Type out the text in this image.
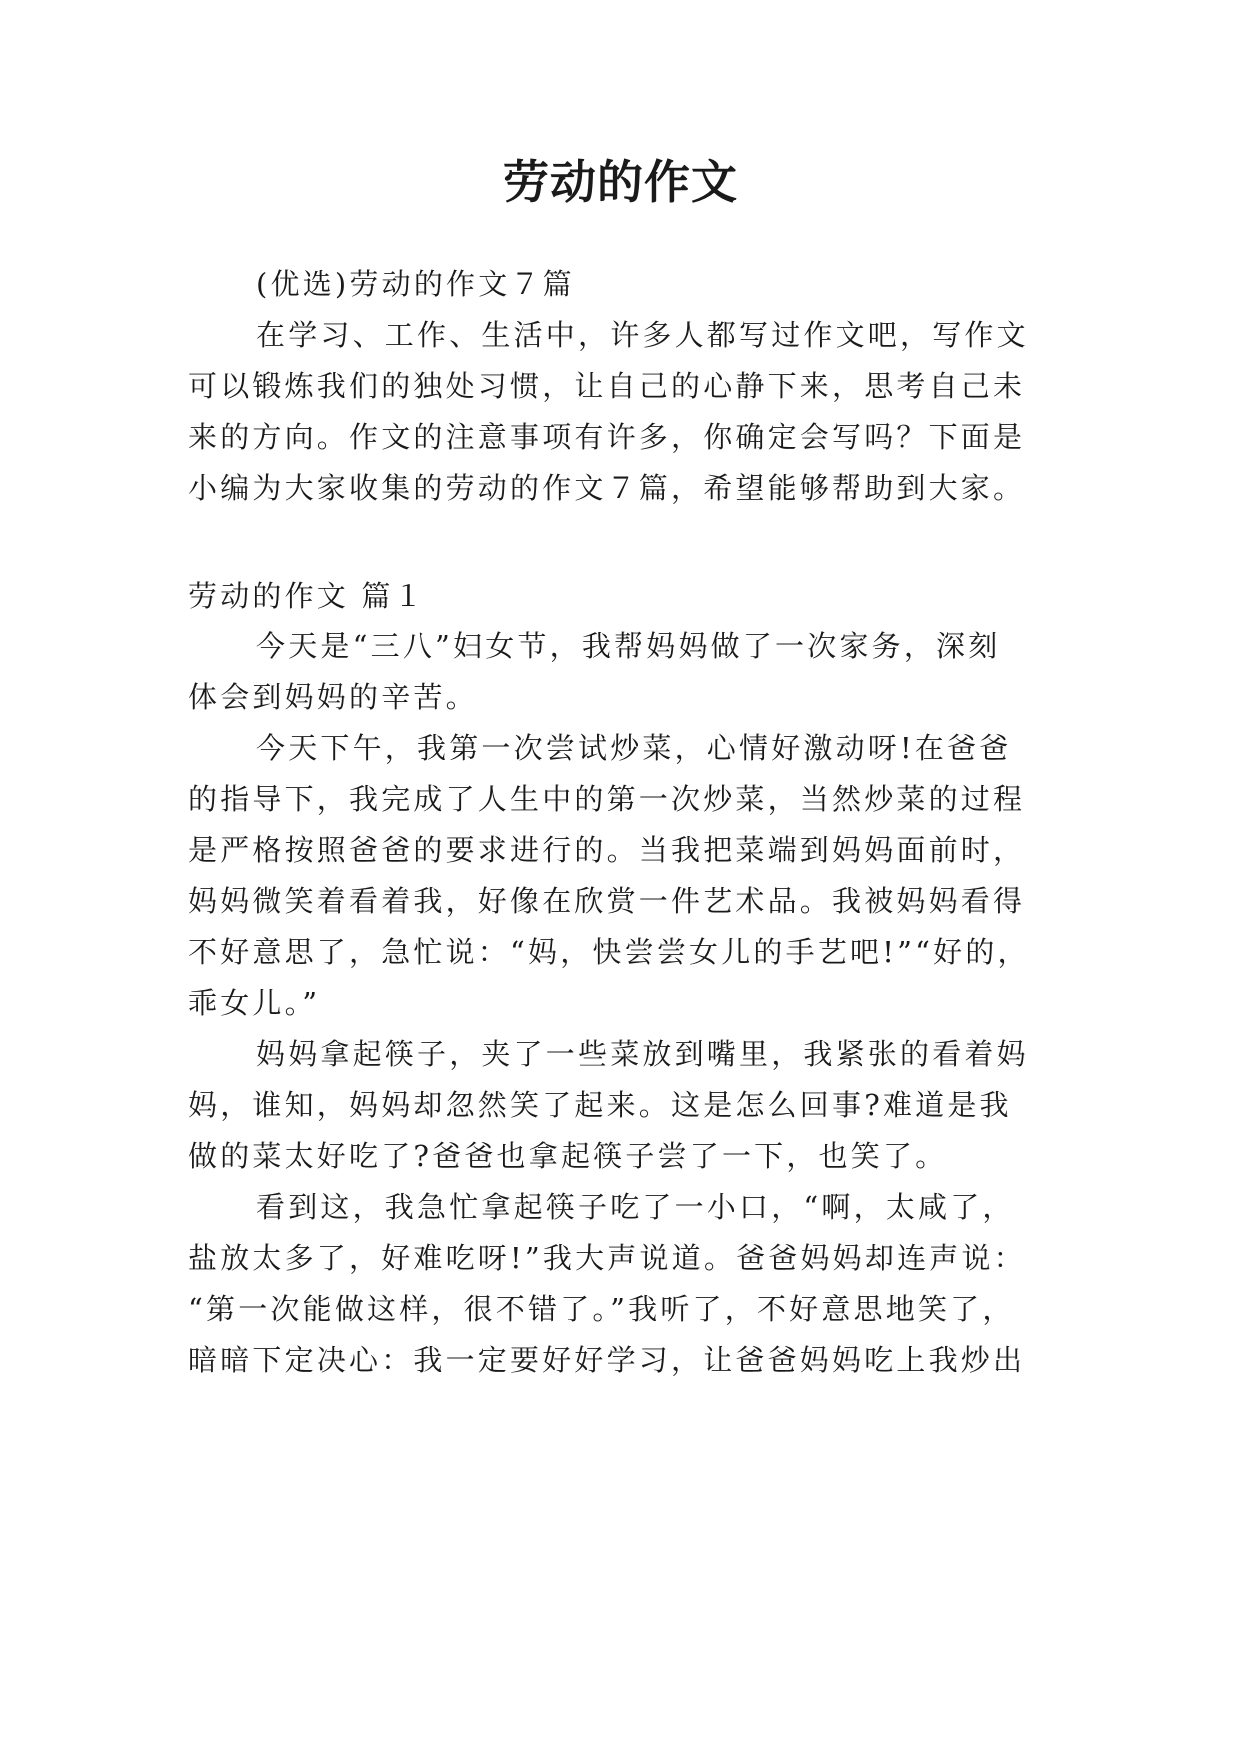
劳动的作文
(优选)劳动的作文７篇
在学习、工作、生活中，许多人都写过作文吧，写作文
可以锻炼我们的独处习惯，让自己的心静下来，思考自己未
来的方向。作文的注意事项有许多，你确定会写吗？下面是
小编为大家收集的劳动的作文７篇，希望能够帮助到大家。
劳动的作文 篇１
今天是“三八”妇女节，我帮妈妈做了一次家务，深刻
体会到妈妈的辛苦。
今天下午，我第一次尝试炒菜，心情好激动呀!在爸爸
的指导下，我完成了人生中的第一次炒菜，当然炒菜的过程
是严格按照爸爸的要求进行的。当我把菜端到妈妈面前时，
妈妈微笑着看着我，好像在欣赏一件艺术品。我被妈妈看得
不好意思了，急忙说：“妈，快尝尝女儿的手艺吧!”“好的，
乖女儿。”
妈妈拿起筷子，夹了一些菜放到嘴里，我紧张的看着妈
妈，谁知，妈妈却忽然笑了起来。这是怎么回事?难道是我
做的菜太好吃了?爸爸也拿起筷子尝了一下，也笑了。
看到这，我急忙拿起筷子吃了一小口，“啊，太咸了，
盐放太多了，好难吃呀!”我大声说道。爸爸妈妈却连声说：
“第一次能做这样，很不错了。”我听了，不好意思地笑了，
暗暗下定决心：我一定要好好学习，让爸爸妈妈吃上我炒出
